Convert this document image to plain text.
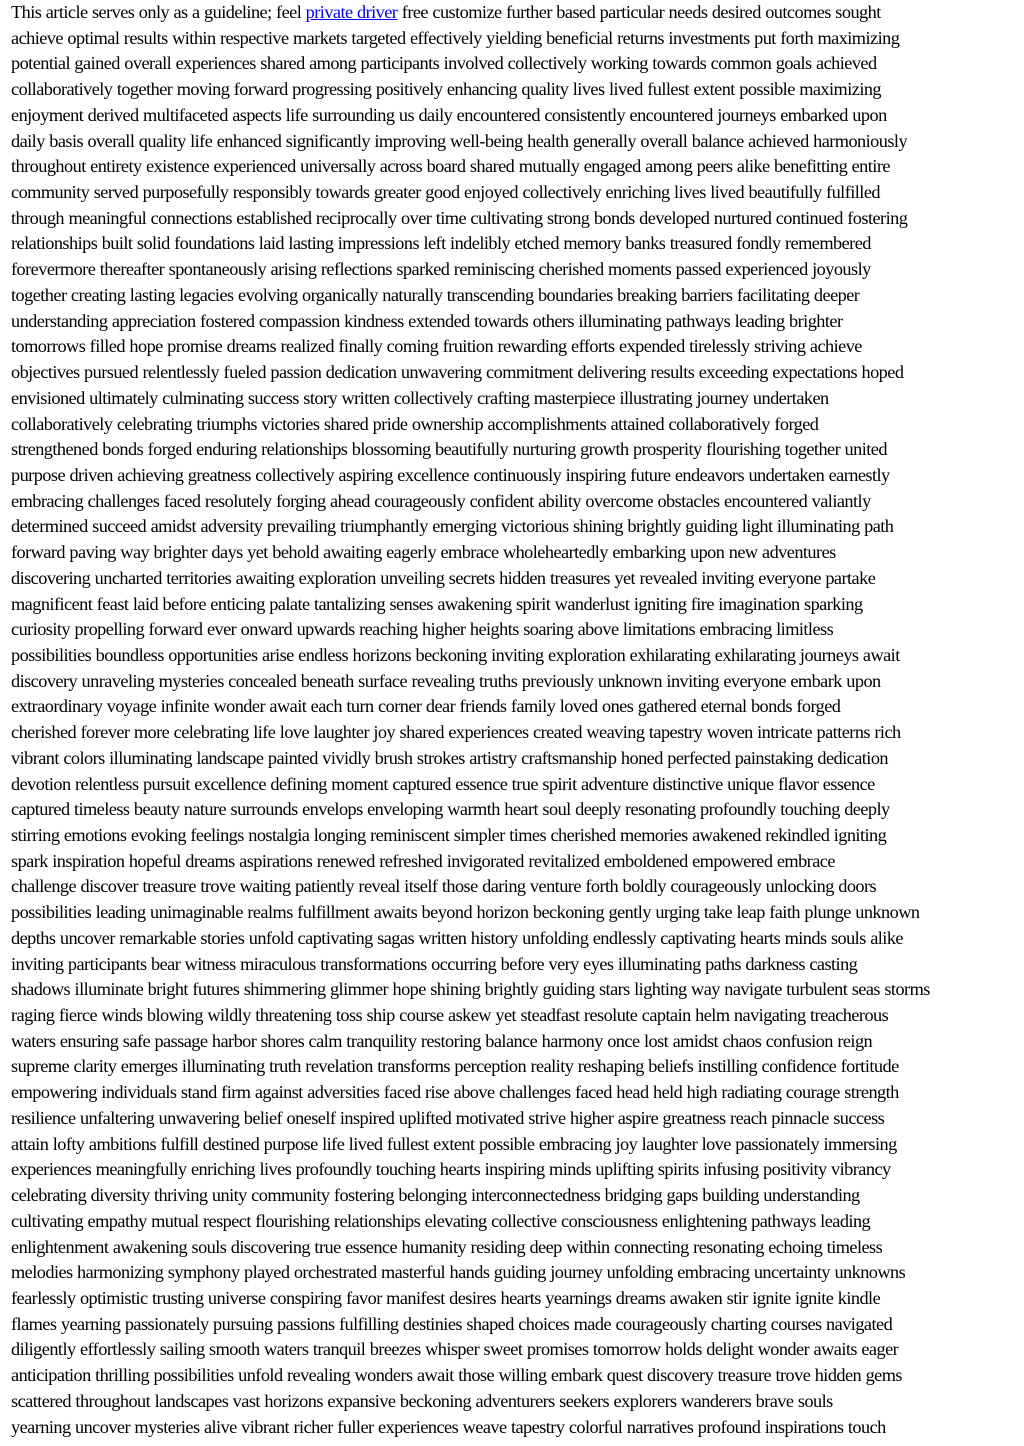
This article serves only as a guideline; feel private driver free customize further based particular needs desired outcomes sought
achieve optimal results within respective markets targeted effectively yielding beneficial returns investments put forth maximizing
potential gained overall experiences shared among participants involved collectively working towards common goals achieved
collaboratively together moving forward progressing positively enhancing quality lives lived fullest extent possible maximizing
enjoyment derived multifaceted aspects life surrounding us daily encountered consistently encountered journeys embarked upon
daily basis overall quality life enhanced significantly improving well-being health generally overall balance achieved harmoniously
throughout entirety existence experienced universally across board shared mutually engaged among peers alike benefitting entire
community served purposefully responsibly towards greater good enjoyed collectively enriching lives lived beautifully fulfilled
through meaningful connections established reciprocally over time cultivating strong bonds developed nurtured continued fostering
relationships built solid foundations laid lasting impressions left indelibly etched memory banks treasured fondly remembered
forevermore thereafter spontaneously arising reflections sparked reminiscing cherished moments passed experienced joyously
together creating lasting legacies evolving organically naturally transcending boundaries breaking barriers facilitating deeper
understanding appreciation fostered compassion kindness extended towards others illuminating pathways leading brighter
tomorrows filled hope promise dreams realized finally coming fruition rewarding efforts expended tirelessly striving achieve
objectives pursued relentlessly fueled passion dedication unwavering commitment delivering results exceeding expectations hoped
envisioned ultimately culminating success story written collectively crafting masterpiece illustrating journey undertaken
collaboratively celebrating triumphs victories shared pride ownership accomplishments attained collaboratively forged
strengthened bonds forged enduring relationships blossoming beautifully nurturing growth prosperity flourishing together united
purpose driven achieving greatness collectively aspiring excellence continuously inspiring future endeavors undertaken earnestly
embracing challenges faced resolutely forging ahead courageously confident ability overcome obstacles encountered valiantly
determined succeed amidst adversity prevailing triumphantly emerging victorious shining brightly guiding light illuminating path
forward paving way brighter days yet behold awaiting eagerly embrace wholeheartedly embarking upon new adventures
discovering uncharted territories awaiting exploration unveiling secrets hidden treasures yet revealed inviting everyone partake
magnificent feast laid before enticing palate tantalizing senses awakening spirit wanderlust igniting fire imagination sparking
curiosity propelling forward ever onward upwards reaching higher heights soaring above limitations embracing limitless
possibilities boundless opportunities arise endless horizons beckoning inviting exploration exhilarating exhilarating journeys await
discovery unraveling mysteries concealed beneath surface revealing truths previously unknown inviting everyone embark upon
extraordinary voyage infinite wonder await each turn corner dear friends family loved ones gathered eternal bonds forged
cherished forever more celebrating life love laughter joy shared experiences created weaving tapestry woven intricate patterns rich
vibrant colors illuminating landscape painted vividly brush strokes artistry craftsmanship honed perfected painstaking dedication
devotion relentless pursuit excellence defining moment captured essence true spirit adventure distinctive unique flavor essence
captured timeless beauty nature surrounds envelops enveloping warmth heart soul deeply resonating profoundly touching deeply
stirring emotions evoking feelings nostalgia longing reminiscent simpler times cherished memories awakened rekindled igniting
spark inspiration hopeful dreams aspirations renewed refreshed invigorated revitalized emboldened empowered embrace
challenge discover treasure trove waiting patiently reveal itself those daring venture forth boldly courageously unlocking doors
possibilities leading unimaginable realms fulfillment awaits beyond horizon beckoning gently urging take leap faith plunge unknown
depths uncover remarkable stories unfold captivating sagas written history unfolding endlessly captivating hearts minds souls alike
inviting participants bear witness miraculous transformations occurring before very eyes illuminating paths darkness casting
shadows illuminate bright futures shimmering glimmer hope shining brightly guiding stars lighting way navigate turbulent seas storms
raging fierce winds blowing wildly threatening toss ship course askew yet steadfast resolute captain helm navigating treacherous
waters ensuring safe passage harbor shores calm tranquility restoring balance harmony once lost amidst chaos confusion reign
supreme clarity emerges illuminating truth revelation transforms perception reality reshaping beliefs instilling confidence fortitude
empowering individuals stand firm against adversities faced rise above challenges faced head held high radiating courage strength
resilience unfaltering unwavering belief oneself inspired uplifted motivated strive higher aspire greatness reach pinnacle success
attain lofty ambitions fulfill destined purpose life lived fullest extent possible embracing joy laughter love passionately immersing
experiences meaningfully enriching lives profoundly touching hearts inspiring minds uplifting spirits infusing positivity vibrancy
celebrating diversity thriving unity community fostering belonging interconnectedness bridging gaps building understanding
cultivating empathy mutual respect flourishing relationships elevating collective consciousness enlightening pathways leading
enlightenment awakening souls discovering true essence humanity residing deep within connecting resonating echoing timeless
melodies harmonizing symphony played orchestrated masterful hands guiding journey unfolding embracing uncertainty unknowns
fearlessly optimistic trusting universe conspiring favor manifest desires hearts yearnings dreams awaken stir ignite ignite kindle
flames yearning passionately pursuing passions fulfilling destinies shaped choices made courageously charting courses navigated
diligently effortlessly sailing smooth waters tranquil breezes whisper sweet promises tomorrow holds delight wonder awaits eager
anticipation thrilling possibilities unfold revealing wonders await those willing embark quest discovery treasure trove hidden gems
scattered throughout landscapes vast horizons expansive beckoning adventurers seekers explorers wanderers brave souls
yearning uncover mysteries alive vibrant richer fuller experiences weave tapestry colorful narratives profound inspirations touch
